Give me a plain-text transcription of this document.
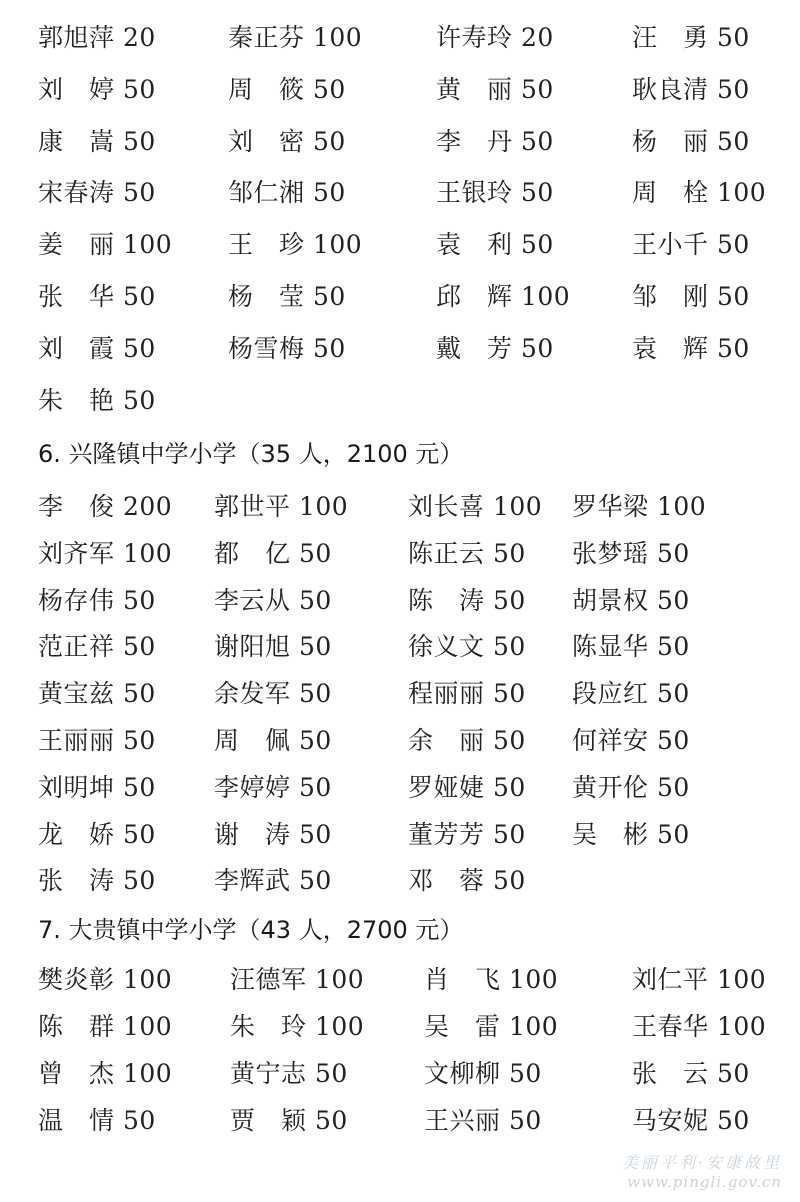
郭旭萍 20	秦正芬 100	许寿玲 20	汪　勇 50
刘　婷 50	周　筱 50	黄　丽 50	耿良清 50
康　嵩 50	刘　密 50	李　丹 50	杨　丽 50
宋春涛 50	邹仁湘 50	王银玲 50	周　栓 100
姜　丽 100 王　珍 100	袁　利 50	王小千 50
张　华 50	杨　莹 50	邱　辉 100 邹　刚 50
刘　霞 50	杨雪梅 50	戴　芳 50	袁　辉 50
朱　艳 50
6. 兴隆镇中学小学（35 人，2100 元）
李　俊 200 郭世平 100 刘长喜 100 罗华梁 100
刘齐军 100 都　亿 50	陈正云 50 张梦瑶 50
杨存伟 50 李云从 50	陈　涛 50 胡景权 50
范正祥 50 谢阳旭 50	徐义文 50 陈显华 50
黄宝兹 50 余发军 50	程丽丽 50 段应红 50
王丽丽 50 周　佩 50	余　丽 50 何祥安 50
刘明坤 50 李婷婷 50	罗娅婕 50 黄开伦 50
龙　娇 50 谢　涛 50	董芳芳 50 吴　彬 50
张　涛 50 李辉武 50	邓　蓉 50
7. 大贵镇中学小学（43 人，2700 元）
樊炎彰 100 汪德军 100 肖　飞 100	刘仁平 100
陈　群 100 朱　玲 100 吴　雷 100	王春华 100
曾　杰 100 黄宁志 50	文柳柳 50	张　云 50
温　情 50	贾　颖 50	王兴丽 50	马安妮 50
美丽平利·安康故里
www.pingli.gov.cn
